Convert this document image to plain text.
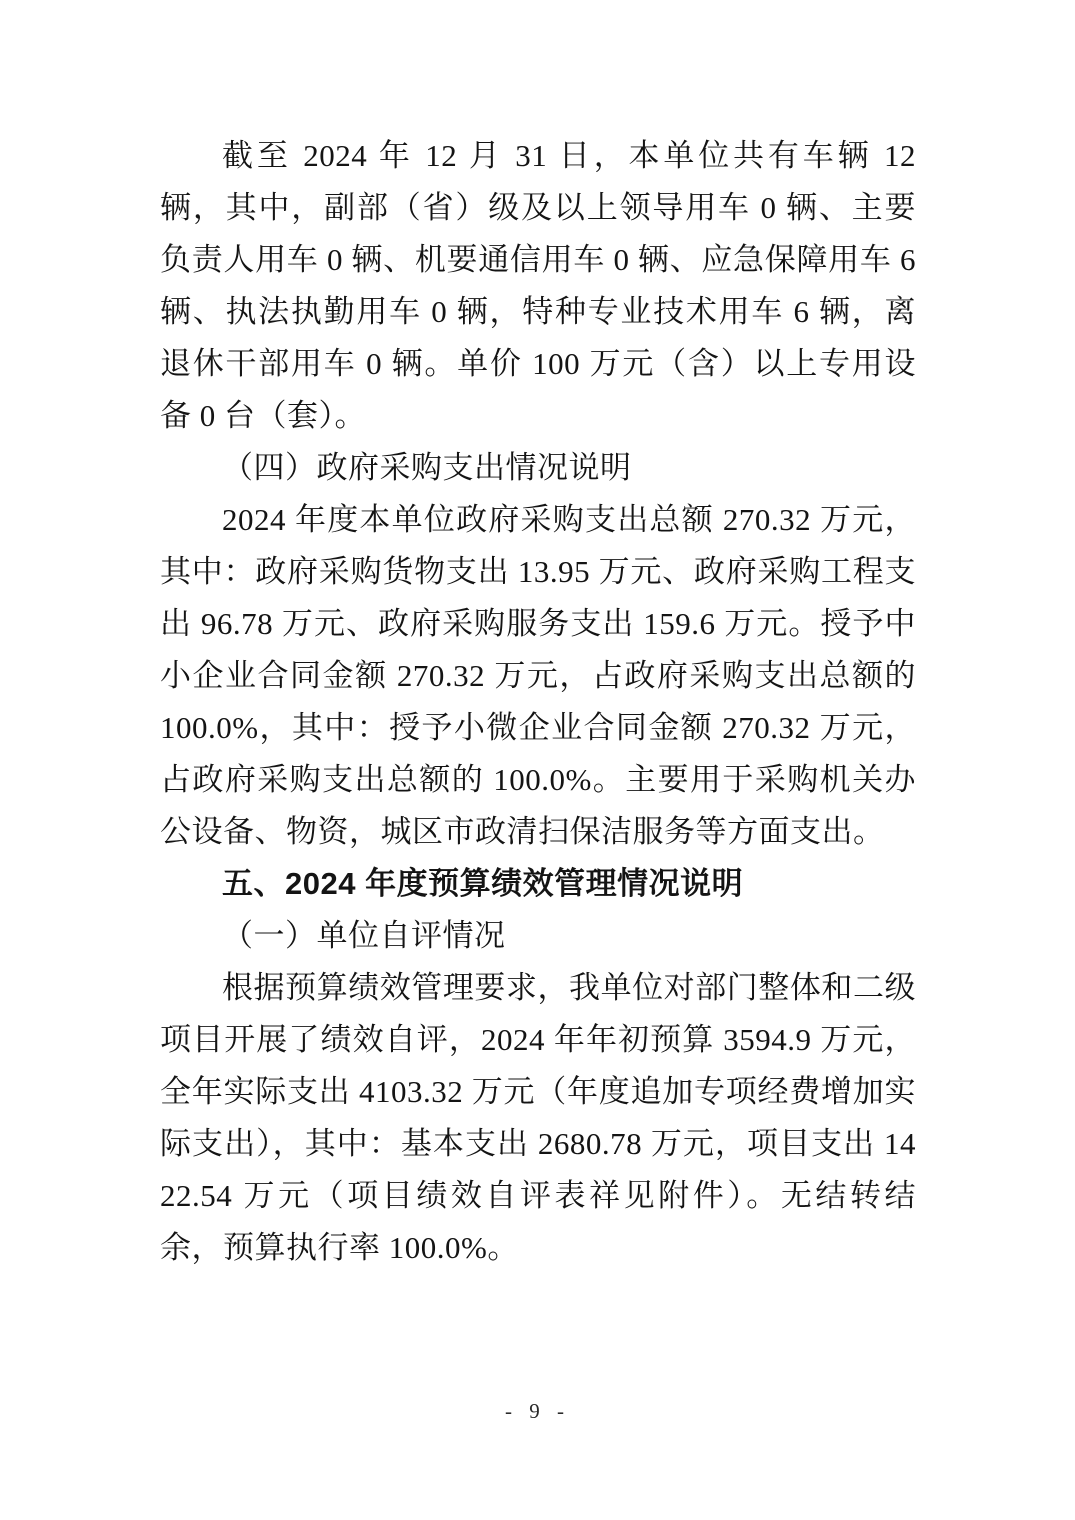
截至 2024 年 12 月 31 日，本单位共有车辆 12 辆，其中，副部（省）级及以上领导用车 0 辆、主要负责人用车 0 辆、机要通信用车 0 辆、应急保障用车 6 辆、执法执勤用车 0 辆，特种专业技术用车 6 辆，离退休干部用车 0 辆。单价 100 万元（含）以上专用设备 0 台（套）。

（四）政府采购支出情况说明

2024 年度本单位政府采购支出总额 270.32 万元，其中：政府采购货物支出 13.95 万元、政府采购工程支出 96.78 万元、政府采购服务支出 159.6 万元。授予中小企业合同金额 270.32 万元，占政府采购支出总额的 100.0%，其中：授予小微企业合同金额 270.32 万元，占政府采购支出总额的 100.0%。主要用于采购机关办公设备、物资，城区市政清扫保洁服务等方面支出。

五、2024 年度预算绩效管理情况说明

（一）单位自评情况

根据预算绩效管理要求，我单位对部门整体和二级项目开展了绩效自评，2024 年年初预算 3594.9 万元，全年实际支出 4103.32 万元（年度追加专项经费增加实际支出），其中：基本支出 2680.78 万元，项目支出 1422.54 万元（项目绩效自评表祥见附件）。无结转结余，预算执行率 100.0%。

- 9 -
